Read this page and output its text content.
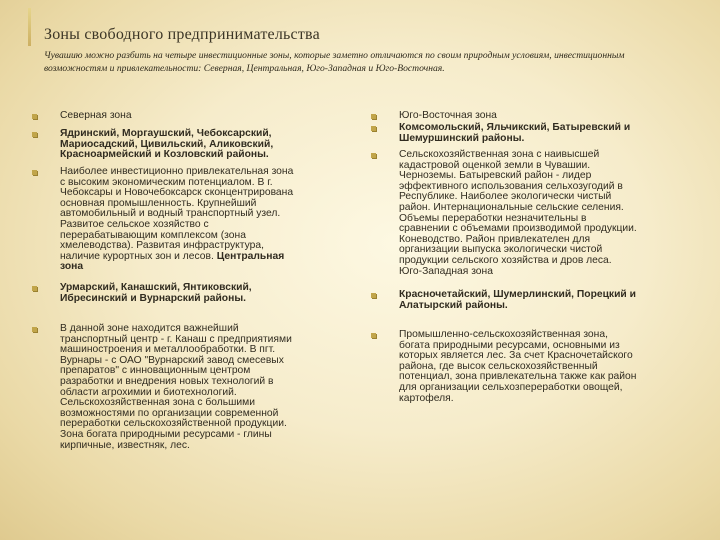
Зоны свободного предпринимательства
Чувашию можно разбить на четыре инвестиционные зоны, которые заметно отличаются по своим природным условиям, инвестиционным возможностям и привлекательности: Северная, Центральная, Юго-Западная и Юго-Восточная.
Северная зона
Ядринский, Моргаушский, Чебоксарский,
Мариосадский, Цивильский, Аликовский,
Красноармейский и Козловский районы.
Наиболее инвестиционно привлекательная зона
с высоким экономическим потенциалом. В г.
Чебоксары и Новочебоксарск сконцентрирована
основная промышленность. Крупнейший
автомобильный и водный транспортный узел.
Развитое сельское хозяйство с
перерабатывающим комплексом (зона
хмелеводства). Развитая инфраструктура,
наличие курортных зон и лесов. Центральная
зона
Урмарский, Канашский, Янтиковский,
Ибресинский и Вурнарский районы.
В данной зоне находится важнейший
транспортный центр - г. Канаш с предприятиями
машиностроения и металлообработки. В пгт.
Вурнары - с ОАО "Вурнарский завод смесевых
препаратов" с инновационным центром
разработки и внедрения новых технологий в
области агрохимии и биотехнологий.
Сельскохозяйственная зона с большими
возможностями по организации современной
переработки сельскохозяйственной продукции.
Зона богата природными ресурсами - глины
кирпичные, известняк, лес.
Юго-Восточная зона
Комсомольский, Яльчикский, Батыревский и
Шемуршинский районы.
Сельскохозяйственная зона с наивысшей
кадастровой оценкой земли в Чувашии.
Черноземы. Батыревский район - лидер
эффективного использования сельхозугодий в
Республике. Наиболее экологически чистый
район. Интернациональные сельские селения.
Объемы переработки незначительны в
сравнении с объемами производимой продукции.
Коневодство. Район привлекателен для
организации выпуска экологически чистой
продукции сельского хозяйства и дров леса.
Юго-Западная зона
Красночетайский, Шумерлинский, Порецкий и
Алатырский районы.
Промышленно-сельскохозяйственная зона,
богата природными ресурсами, основными из
которых является лес. За счет Красночетайского
района, где высок сельскохозяйственный
потенциал, зона привлекательна также как район
для организации сельхозпереработки овощей,
картофеля.
